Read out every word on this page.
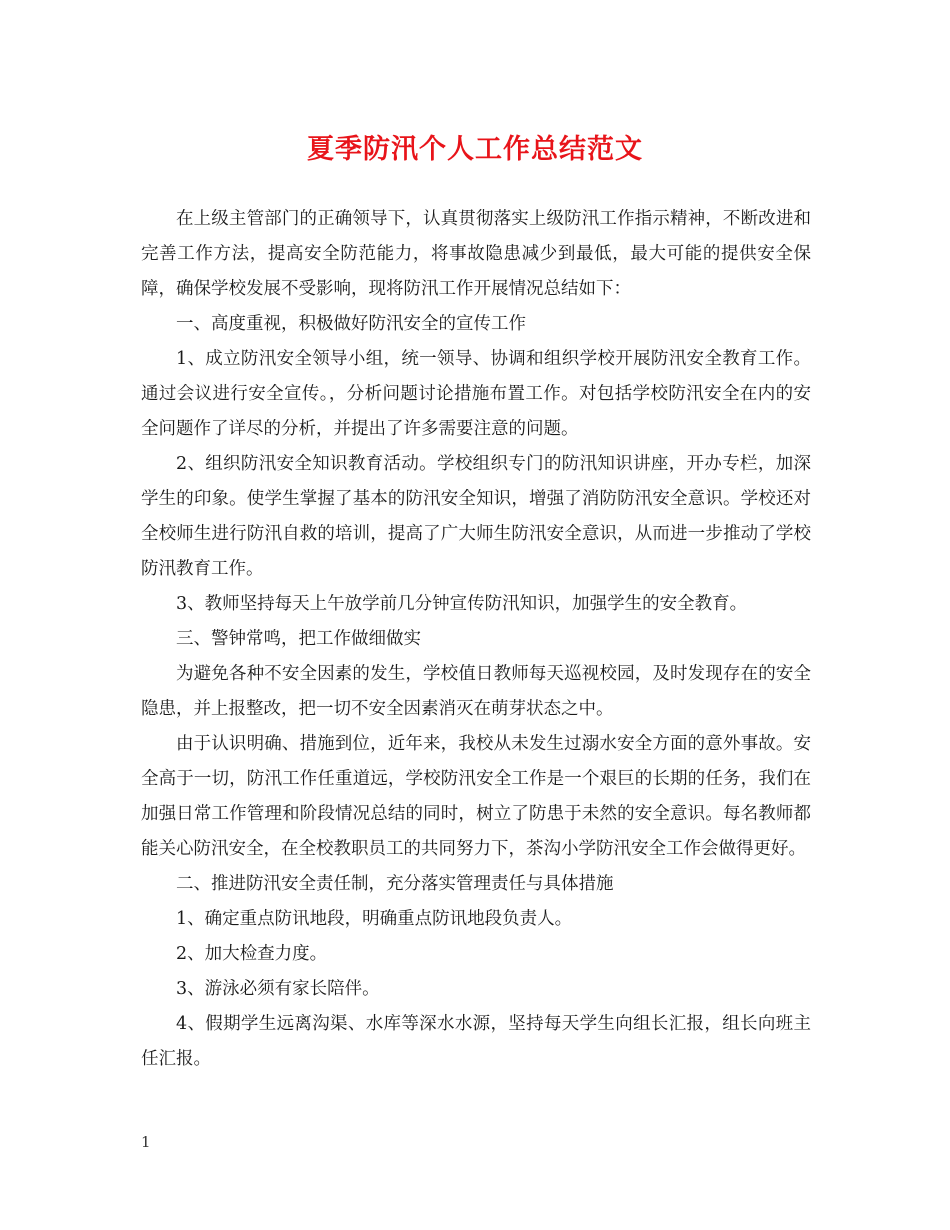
夏季防汛个人工作总结范文

在上级主管部门的正确领导下，认真贯彻落实上级防汛工作指示精神，不断改进和完善工作方法，提高安全防范能力，将事故隐患减少到最低，最大可能的提供安全保障，确保学校发展不受影响，现将防汛工作开展情况总结如下：

一、高度重视，积极做好防汛安全的宣传工作

1、成立防汛安全领导小组，统一领导、协调和组织学校开展防汛安全教育工作。通过会议进行安全宣传。，分析问题讨论措施布置工作。对包括学校防汛安全在内的安全问题作了详尽的分析，并提出了许多需要注意的问题。

2、组织防汛安全知识教育活动。学校组织专门的防汛知识讲座，开办专栏，加深学生的印象。使学生掌握了基本的防汛安全知识，增强了消防防汛安全意识。学校还对全校师生进行防汛自救的培训，提高了广大师生防汛安全意识，从而进一步推动了学校防汛教育工作。

3、教师坚持每天上午放学前几分钟宣传防汛知识，加强学生的安全教育。

三、警钟常鸣，把工作做细做实

为避免各种不安全因素的发生，学校值日教师每天巡视校园，及时发现存在的安全隐患，并上报整改，把一切不安全因素消灭在萌芽状态之中。

由于认识明确、措施到位，近年来，我校从未发生过溺水安全方面的意外事故。安全高于一切，防汛工作任重道远，学校防汛安全工作是一个艰巨的长期的任务，我们在加强日常工作管理和阶段情况总结的同时，树立了防患于未然的安全意识。每名教师都能关心防汛安全，在全校教职员工的共同努力下，茶沟小学防汛安全工作会做得更好。

二、推进防汛安全责任制，充分落实管理责任与具体措施

1、确定重点防讯地段，明确重点防讯地段负责人。

2、加大检查力度。

3、游泳必须有家长陪伴。

4、假期学生远离沟渠、水库等深水水源，坚持每天学生向组长汇报，组长向班主任汇报。

1
